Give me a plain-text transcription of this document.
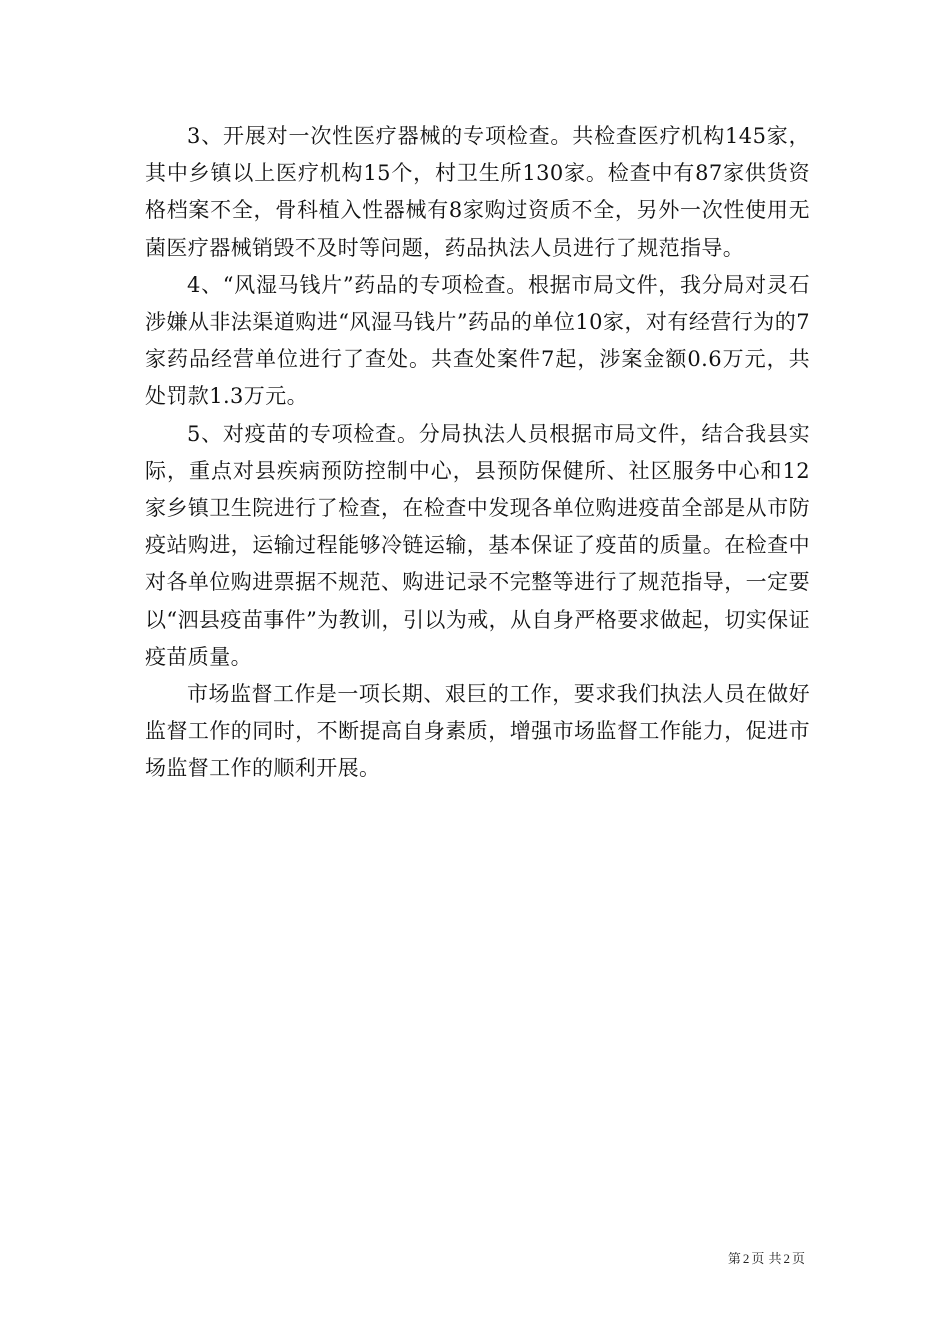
3、开展对一次性医疗器械的专项检查。共检查医疗机构145家，其中乡镇以上医疗机构15个，村卫生所130家。检查中有87家供货资格档案不全，骨科植入性器械有8家购过资质不全，另外一次性使用无菌医疗器械销毁不及时等问题，药品执法人员进行了规范指导。

4、“风湿马钱片”药品的专项检查。根据市局文件，我分局对灵石涉嫌从非法渠道购进“风湿马钱片”药品的单位10家，对有经营行为的7家药品经营单位进行了查处。共查处案件7起，涉案金额0.6万元，共处罚款1.3万元。

5、对疫苗的专项检查。分局执法人员根据市局文件，结合我县实际，重点对县疾病预防控制中心，县预防保健所、社区服务中心和12家乡镇卫生院进行了检查，在检查中发现各单位购进疫苗全部是从市防疫站购进，运输过程能够冷链运输，基本保证了疫苗的质量。在检查中对各单位购进票据不规范、购进记录不完整等进行了规范指导，一定要以“泗县疫苗事件”为教训，引以为戒，从自身严格要求做起，切实保证疫苗质量。

市场监督工作是一项长期、艰巨的工作，要求我们执法人员在做好监督工作的同时，不断提高自身素质，增强市场监督工作能力，促进市场监督工作的顺利开展。

第 2 页 共 2 页
